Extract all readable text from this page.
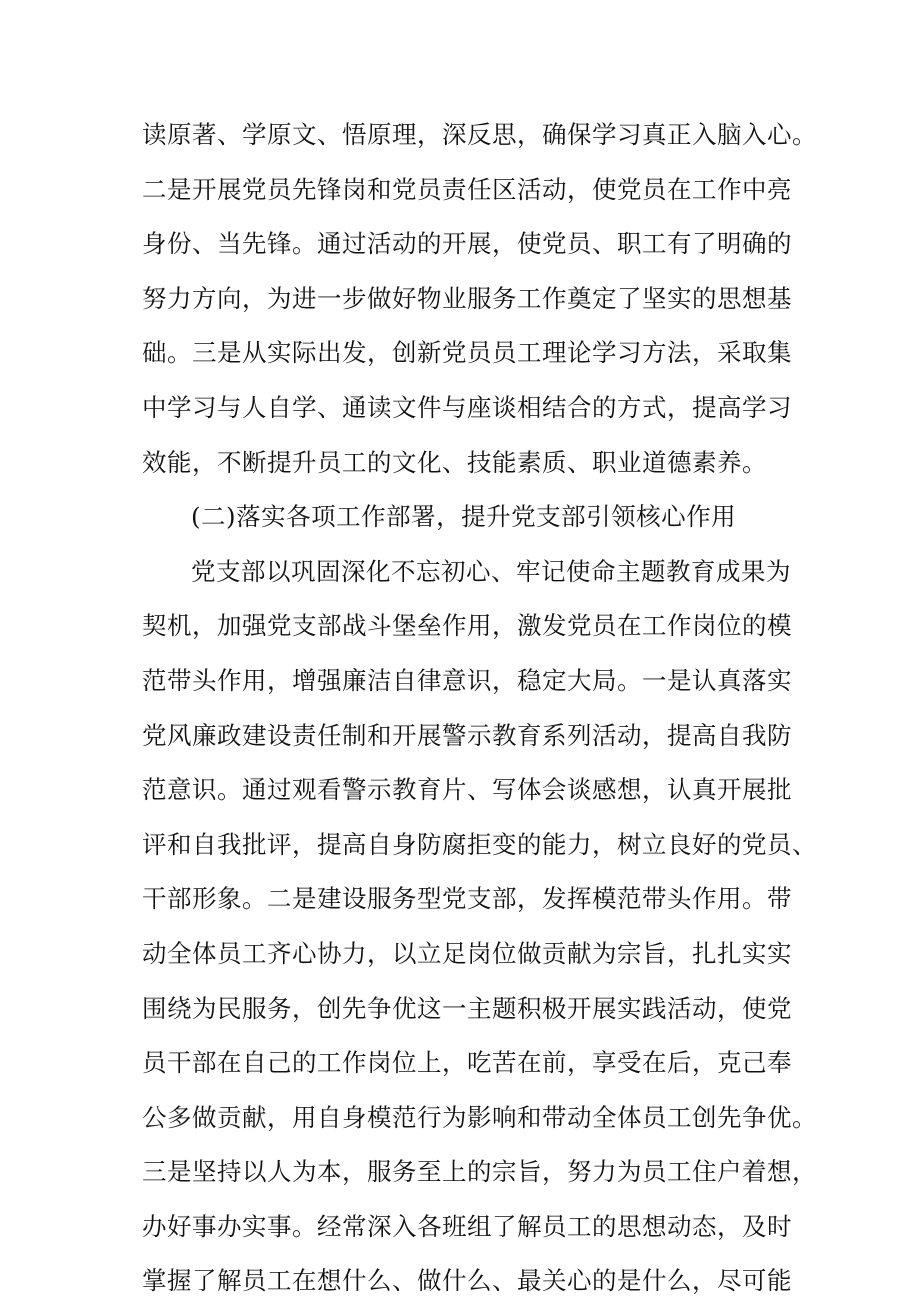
读原著、学原文、悟原理，深反思，确保学习真正入脑入心。
二是开展党员先锋岗和党员责任区活动，使党员在工作中亮
身份、当先锋。通过活动的开展，使党员、职工有了明确的
努力方向，为进一步做好物业服务工作奠定了坚实的思想基
础。三是从实际出发，创新党员员工理论学习方法，采取集
中学习与人自学、通读文件与座谈相结合的方式，提高学习
效能，不断提升员工的文化、技能素质、职业道德素养。
(二)落实各项工作部署，提升党支部引领核心作用
党支部以巩固深化不忘初心、牢记使命主题教育成果为
契机，加强党支部战斗堡垒作用，激发党员在工作岗位的模
范带头作用，增强廉洁自律意识，稳定大局。一是认真落实
党风廉政建设责任制和开展警示教育系列活动，提高自我防
范意识。通过观看警示教育片、写体会谈感想，认真开展批
评和自我批评，提高自身防腐拒变的能力，树立良好的党员、
干部形象。二是建设服务型党支部，发挥模范带头作用。带
动全体员工齐心协力，以立足岗位做贡献为宗旨，扎扎实实
围绕为民服务，创先争优这一主题积极开展实践活动，使党
员干部在自己的工作岗位上，吃苦在前，享受在后，克己奉
公多做贡献，用自身模范行为影响和带动全体员工创先争优。
三是坚持以人为本，服务至上的宗旨，努力为员工住户着想，
办好事办实事。经常深入各班组了解员工的思想动态，及时
掌握了解员工在想什么、做什么、最关心的是什么，尽可能
